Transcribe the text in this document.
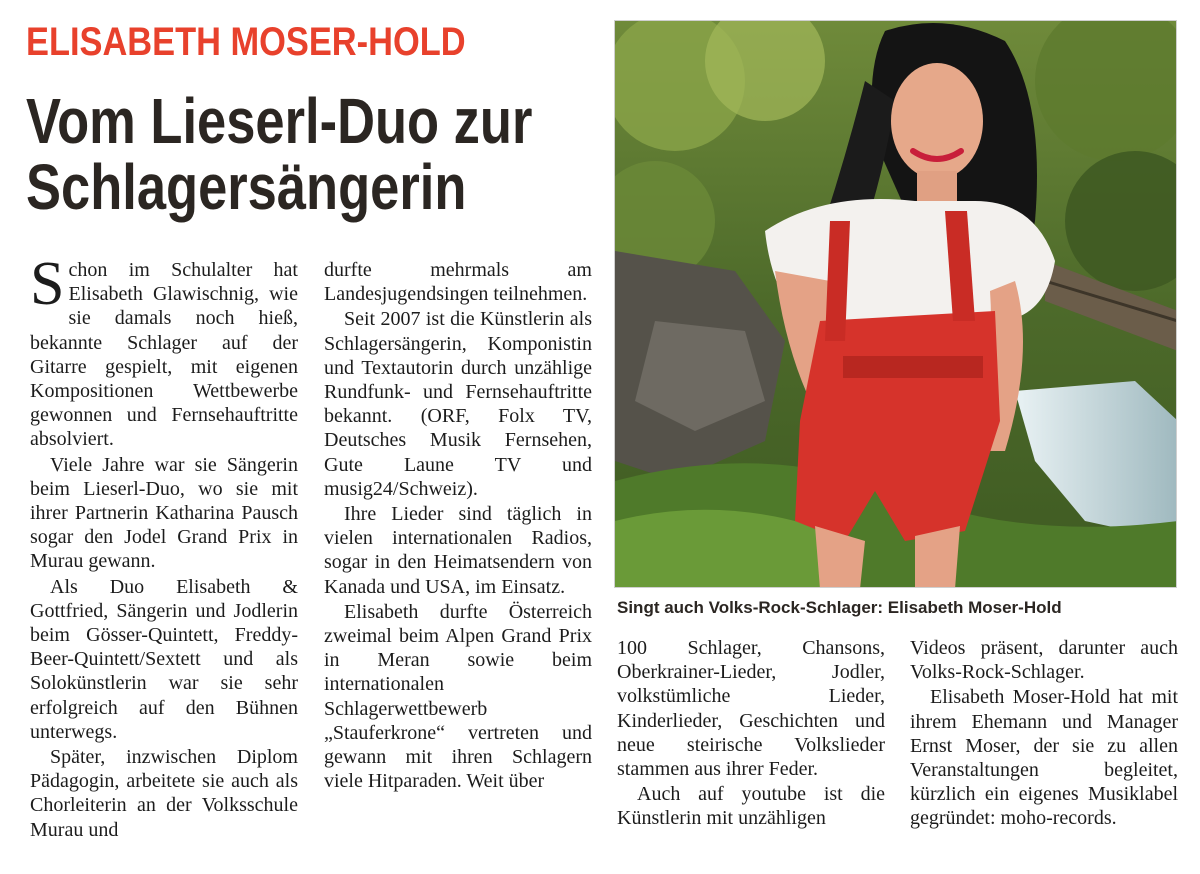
ELISABETH MOSER-HOLD
Vom Lieserl-Duo zur Schlagersängerin

Schon im Schulalter hat Elisabeth Glawischnig, wie sie damals noch hieß, bekannte Schlager auf der Gitarre gespielt, mit eigenen Kompositionen Wettbewerbe gewonnen und Fernsehauftritte absolviert.

Viele Jahre war sie Sängerin beim Lieserl-Duo, wo sie mit ihrer Partnerin Katharina Pausch sogar den Jodel Grand Prix in Murau gewann.

Als Duo Elisabeth & Gottfried, Sängerin und Jodlerin beim Gösser-Quintett, Freddy-Beer-Quintett/Sextett und als Solokünstlerin war sie sehr erfolgreich auf den Bühnen unterwegs.

Später, inzwischen Diplom Pädagogin, arbeitete sie auch als Chorleiterin an der Volksschule Murau und

durfte mehrmals am Landesjugendsingen teilnehmen.

Seit 2007 ist die Künstlerin als Schlagersängerin, Komponistin und Textautorin durch unzählige Rundfunk- und Fernsehauftritte bekannt. (ORF, Folx TV, Deutsches Musik Fernsehen, Gute Laune TV und musig24/Schweiz).

Ihre Lieder sind täglich in vielen internationalen Radios, sogar in den Heimatsendern von Kanada und USA, im Einsatz.

Elisabeth durfte Österreich zweimal beim Alpen Grand Prix in Meran sowie beim internationalen Schlagerwettbewerb „Stauferkrone“ vertreten und gewann mit ihren Schlagern viele Hitparaden. Weit über

Singt auch Volks-Rock-Schlager: Elisabeth Moser-Hold

100 Schlager, Chansons, Oberkrainer-Lieder, Jodler, volkstümliche Lieder, Kinderlieder, Geschichten und neue steirische Volkslieder stammen aus ihrer Feder.

Auch auf youtube ist die Künstlerin mit unzähligen

Videos präsent, darunter auch Volks-Rock-Schlager.

Elisabeth Moser-Hold hat mit ihrem Ehemann und Manager Ernst Moser, der sie zu allen Veranstaltungen begleitet, kürzlich ein eigenes Musiklabel gegründet: moho-records.
